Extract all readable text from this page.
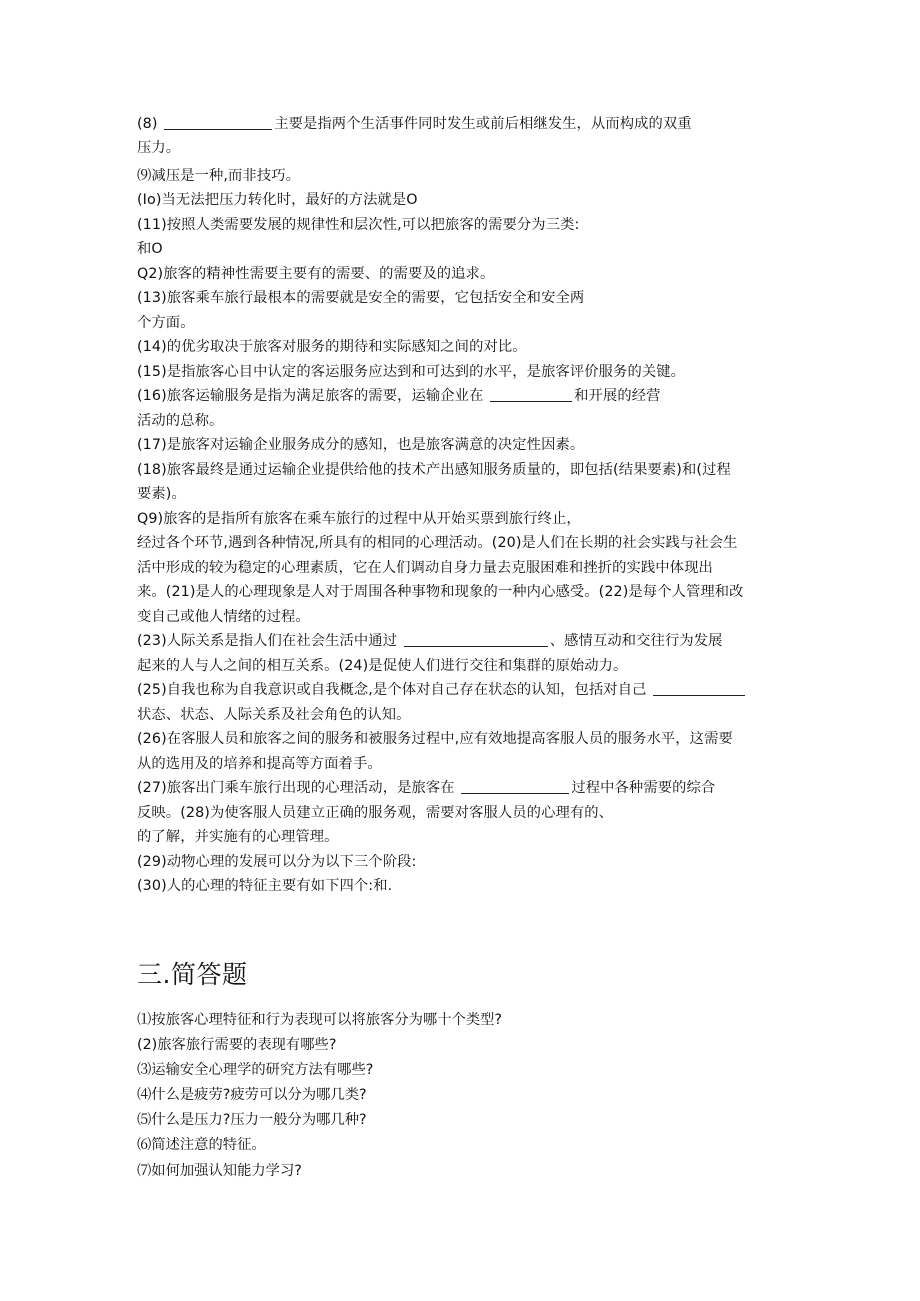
(8)	主要是指两个生活事件同时发生或前后相继发生，从而构成的双重
压力。
⑼减压是一种,而非技巧。
(Io)当无法把压力转化时，最好的方法就是O
(11)按照人类需要发展的规律性和层次性,可以把旅客的需要分为三类:
和O
Q2)旅客的精神性需要主要有的需要、的需要及的追求。
(13)旅客乘车旅行最根本的需要就是安全的需要，它包括安全和安全两
个方面。
(14)的优劣取决于旅客对服务的期待和实际感知之间的对比。
(15)是指旅客心目中认定的客运服务应达到和可达到的水平，是旅客评价服务的关键。
(16)旅客运输服务是指为满足旅客的需要，运输企业在	和开展的经营
活动的总称。
(17)是旅客对运输企业服务成分的感知，也是旅客满意的决定性因素。
(18)旅客最终是通过运输企业提供给他的技术产出感知服务质量的，即包括(结果要素)和(过程
要素)。
Q9)旅客的是指所有旅客在乘车旅行的过程中从开始买票到旅行终止，
经过各个环节,遇到各种情况,所具有的相同的心理活动。(20)是人们在长期的社会实践与社会生
活中形成的较为稳定的心理素质，它在人们调动自身力量去克服困难和挫折的实践中体现出
来。(21)是人的心理现象是人对于周围各种事物和现象的一种内心感受。(22)是每个人管理和改
变自己或他人情绪的过程。
(23)人际关系是指人们在社会生活中通过	、感情互动和交往行为发展
起来的人与人之间的相互关系。(24)是促使人们进行交往和集群的原始动力。
(25)自我也称为自我意识或自我概念,是个体对自己存在状态的认知，包括对自己
状态、状态、人际关系及社会角色的认知。
(26)在客服人员和旅客之间的服务和被服务过程中,应有效地提高客服人员的服务水平，这需要
从的选用及的培养和提高等方面着手。
(27)旅客出门乘车旅行出现的心理活动，是旅客在	过程中各种需要的综合
反映。(28)为使客服人员建立正确的服务观，需要对客服人员的心理有的、
的了解，并实施有的心理管理。
(29)动物心理的发展可以分为以下三个阶段:
(30)人的心理的特征主要有如下四个:和.
三.简答题
⑴按旅客心理特征和行为表现可以将旅客分为哪十个类型?
(2)旅客旅行需要的表现有哪些?
⑶运输安全心理学的研究方法有哪些?
⑷什么是疲劳?疲劳可以分为哪几类?
⑸什么是压力?压力一般分为哪几种?
⑹简述注意的特征。
⑺如何加强认知能力学习?
